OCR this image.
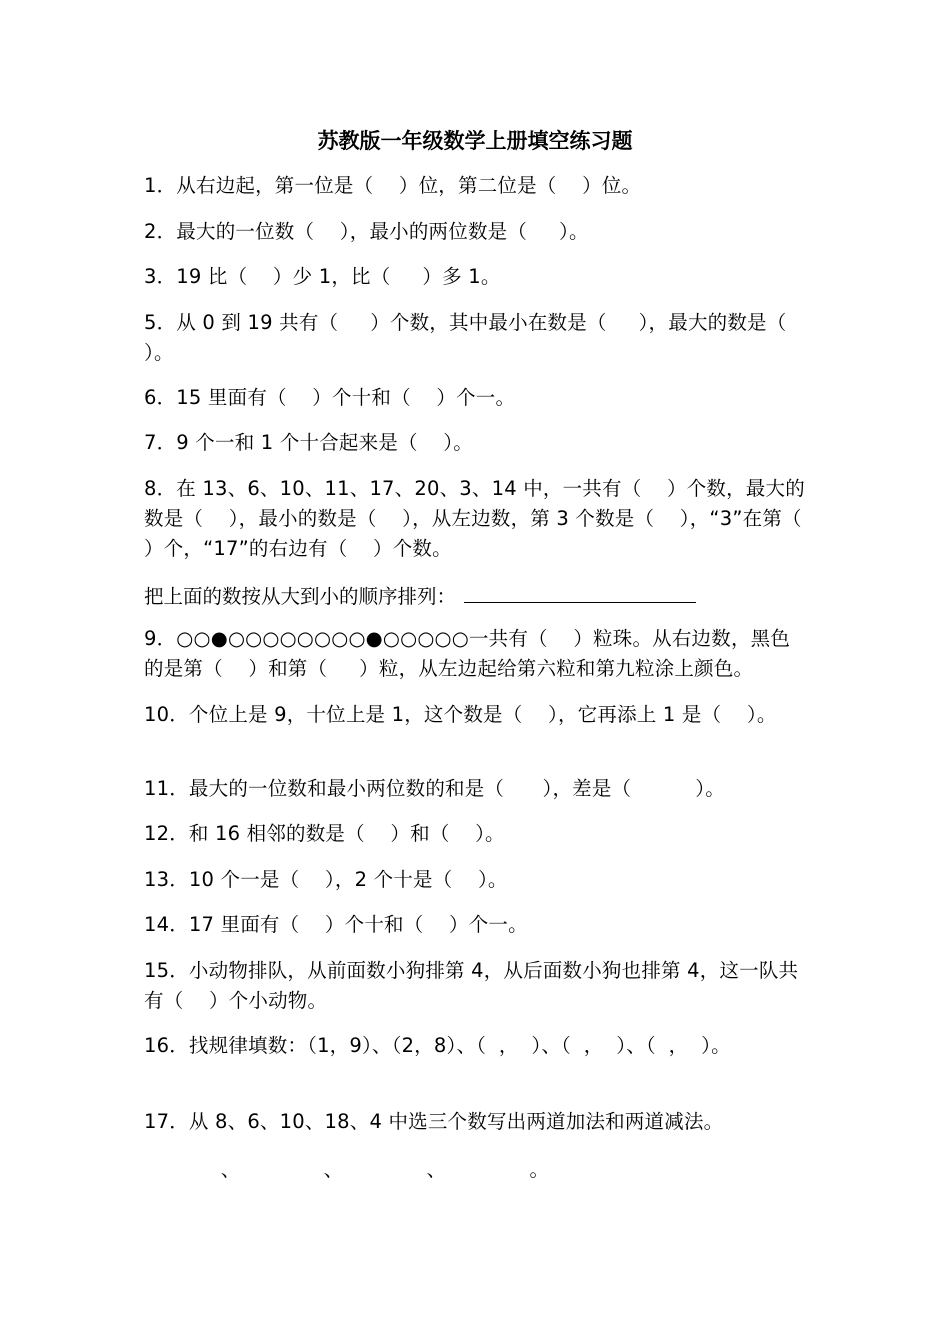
苏教版一年级数学上册填空练习题

1．从右边起，第一位是（    ）位，第二位是（    ）位。

2．最大的一位数（    ），最小的两位数是（     ）。

3．19 比（    ）少 1，比（     ）多 1。

5．从 0 到 19 共有（     ）个数，其中最小在数是（     ），最大的数是（     ）。

6．15 里面有（    ）个十和（    ）个一。

7．9 个一和 1 个十合起来是（    ）。

8．在 13、6、10、11、17、20、3、14 中，一共有（    ）个数，最大的数是（    ），最小的数是（    ），从左边数，第 3 个数是（    ），“3”在第（    ）个，“17”的右边有（    ）个数。

把上面的数按从大到小的顺序排列：

9．○○●○○○○○○○○●○○○○○一共有（    ）粒珠。从右边数，黑色的是第（    ）和第（     ）粒，从左边起给第六粒和第九粒涂上颜色。

10．个位上是 9，十位上是 1，这个数是（    ），它再添上 1 是（    ）。

11．最大的一位数和最小两位数的和是（      ），差是（          ）。

12．和 16 相邻的数是（    ）和（    ）。

13．10 个一是（    ），2 个十是（    ）。

14．17 里面有（    ）个十和（    ）个一。

15．小动物排队，从前面数小狗排第 4，从后面数小狗也排第 4，这一队共有（    ）个小动物。

16．找规律填数：（1，9）、（2，8）、（  ，  ）、（  ，  ）、（  ，  ）。

17．从 8、6、10、18、4 中选三个数写出两道加法和两道减法。

、             、             、             。
